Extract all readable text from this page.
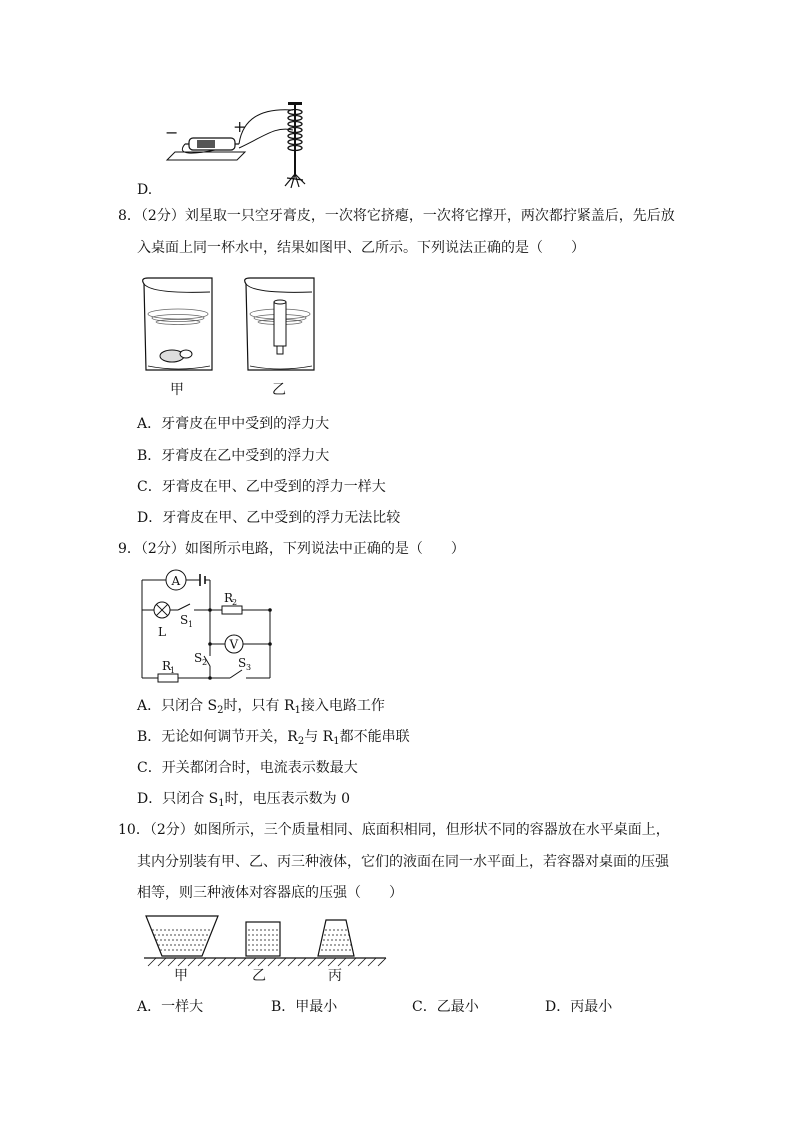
−	+
D.
8．（2分）刘星取一只空牙膏皮，一次将它挤瘪，一次将它撑开，两次都拧紧盖后，先后放
入桌面上同一杯水中，结果如图甲、乙所示。下列说法正确的是（　　）
甲	乙
A．牙膏皮在甲中受到的浮力大
B．牙膏皮在乙中受到的浮力大
C．牙膏皮在甲、乙中受到的浮力一样大
D．牙膏皮在甲、乙中受到的浮力无法比较
9．（2分）如图所示电路，下列说法中正确的是（　　）
A
L
R
2
V
R
1
S 1
S 2	S 3
A．只闭合 $S_2$时，只有 $R_1$接入电路工作
B．无论如何调节开关，$R_2$与 $R_1$都不能串联
C．开关都闭合时，电流表示数最大
D．只闭合 $S_1$时，电压表示数为 0
10．（2分）如图所示，三个质量相同、底面积相同，但形状不同的容器放在水平桌面上，
其内分别装有甲、乙、丙三种液体，它们的液面在同一水平面上，若容器对桌面的压强
相等，则三种液体对容器底的压强（　　）
甲	乙	丙
A．一样大	B．甲最小	C．乙最小	D．丙最小
